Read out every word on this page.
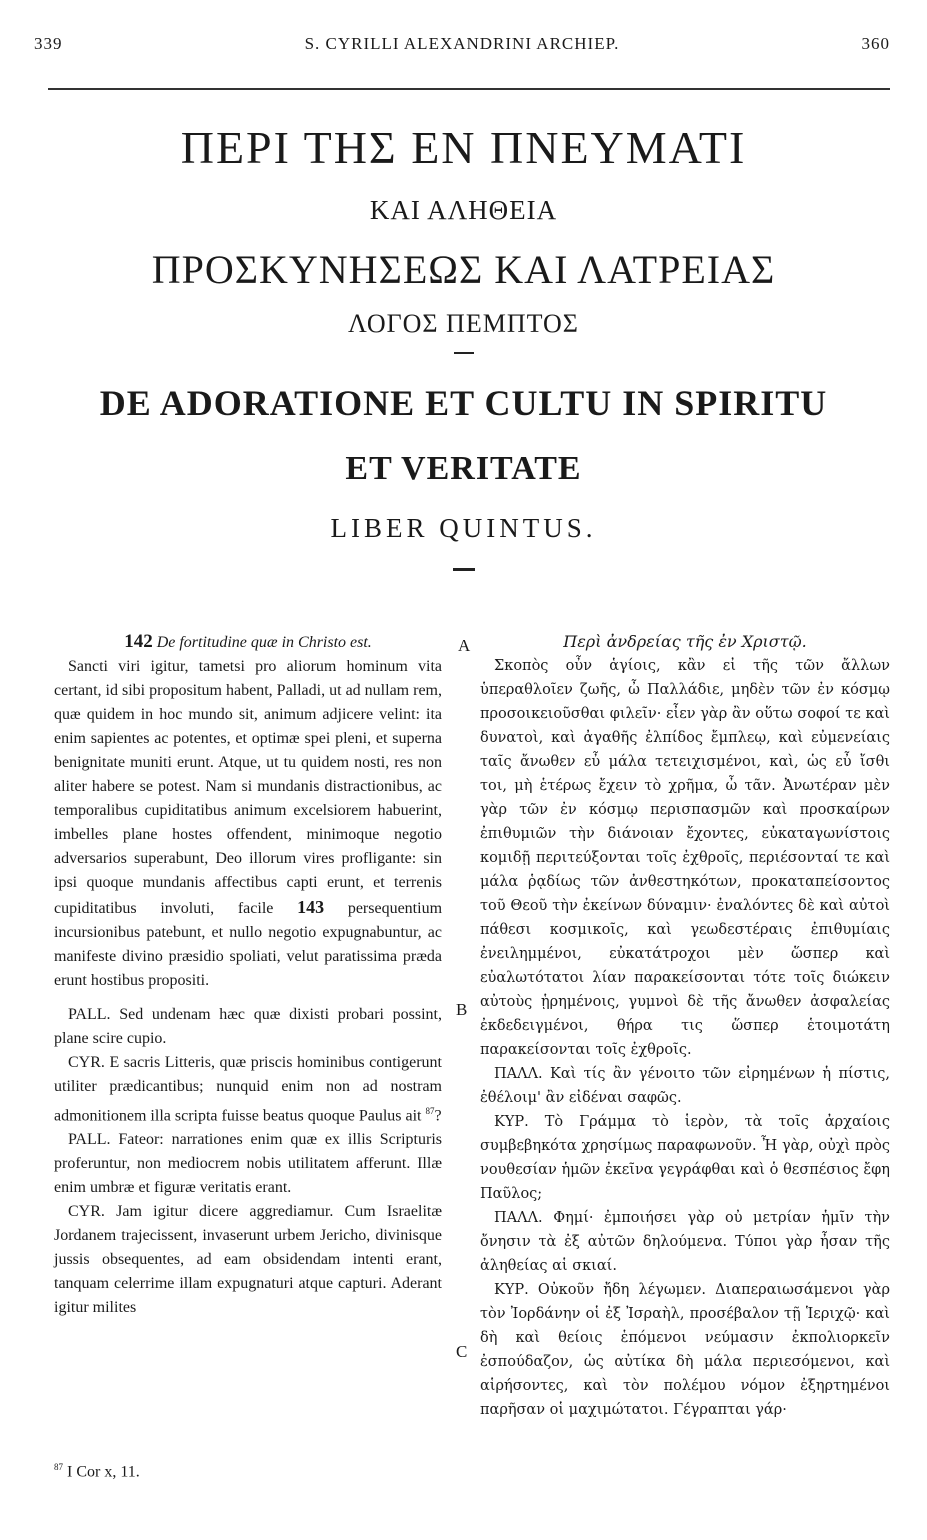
339	S. CYRILLI ALEXANDRINI ARCHIEP.	360
ΠΕΡΙ ΤΗΣ ΕΝ ΠΝΕΥΜΑΤΙ
ΚΑΙ ΑΛΗΘΕΙΑ
ΠΡΟΣΚΥΝΗΣΕΩΣ ΚΑΙ ΛΑΤΡΕΙΑΣ
ΛΟΓΟΣ ΠΕΜΠΤΟΣ
DE ADORATIONE ET CULTU IN SPIRITU
ET VERITATE
LIBER QUINTUS.
142 De fortitudine quæ in Christo est.

Sancti viri igitur, tametsi pro aliorum hominum vita certant, id sibi propositum habent, Palladi, ut ad nullam rem, quæ quidem in hoc mundo sit, animum adjicere velint: ita enim sapientes ac potentes, et optimæ spei pleni, et superna benignitate muniti erunt. Atque, ut tu quidem nosti, res non aliter habere se potest. Nam si mundanis distractionibus, ac temporalibus cupiditatibus animum excelsiorem habuerint, imbelles plane hostes offendent, minimoque negotio adversarios superabunt, Deo illorum vires profligante: sin ipsi quoque mundanis affectibus capti erunt, et terrenis cupiditatibus involuti, facile 143 persequentium incursionibus patebunt, et nullo negotio expugnabuntur, ac manifeste divino præsidio spoliati, velut paratissima præda erunt hostibus propositi.

PALL. Sed undenam hæc quæ dixisti probari possint, plane scire cupio.

CYR. E sacris Litteris, quæ priscis hominibus contigerunt utiliter prædicantibus; nunquid enim non ad nostram admonitionem illa scripta fuisse beatus quoque Paulus ait $^{87}$?

PALL. Fateor: narrationes enim quæ ex illis Scripturis proferuntur, non mediocrem nobis utilitatem afferunt. Illæ enim umbræ et figuræ veritatis erant.

CYR. Jam igitur dicere aggrediamur. Cum Israelitæ Jordanem trajecissent, invaserunt urbem Jericho, divinisque jussis obsequentes, ad eam obsidendam intenti erant, tanquam celerrime illam expugnaturi atque capturi. Aderant igitur milites

A
B
C
Περὶ ἀνδρείας τῆς ἐν Χριστῷ.

Σκοπὸς οὖν ἁγίοις, κἂν εἰ τῆς τῶν ἄλλων ὑπεραθλοῖεν ζωῆς, ὦ Παλλάδιε, μηδὲν τῶν ἐν κόσμῳ προσοικειοῦσθαι φιλεῖν· εἶεν γὰρ ἂν οὕτω σοφοί τε καὶ δυνατοὶ, καὶ ἀγαθῆς ἐλπίδος ἔμπλεῳ, καὶ εὐμενείαις ταῖς ἄνωθεν εὖ μάλα τετειχισμένοι, καὶ, ὡς εὖ ἴσθι τοι, μὴ ἑτέρως ἔχειν τὸ χρῆμα, ὦ τᾶν. Ἀνωτέραν μὲν γὰρ τῶν ἐν κόσμῳ περισπασμῶν καὶ προσκαίρων ἐπιθυμιῶν τὴν διάνοιαν ἔχοντες, εὐκαταγωνίστοις κομιδῇ περιτεύξονται τοῖς ἐχθροῖς, περιέσονταί τε καὶ μάλα ῥᾳδίως τῶν ἀνθεστηκότων, προκαταπείσοντος τοῦ Θεοῦ τὴν ἐκείνων δύναμιν· ἐναλόντες δὲ καὶ αὐτοὶ πάθεσι κοσμικοῖς, καὶ γεωδεστέραις ἐπιθυμίαις ἐνειλημμένοι, εὐκατάτροχοι μὲν ὥσπερ καὶ εὐαλωτότατοι λίαν παρακείσονται τότε τοῖς διώκειν αὐτοὺς ᾑρημένοις, γυμνοὶ δὲ τῆς ἄνωθεν ἀσφαλείας ἐκδεδειγμένοι, θήρα τις ὥσπερ ἑτοιμοτάτη παρακείσονται τοῖς ἐχθροῖς.

ΠΑΛΛ. Καὶ τίς ἂν γένοιτο τῶν εἰρημένων ἡ πίστις, ἐθέλοιμ' ἂν εἰδέναι σαφῶς.

ΚΥΡ. Τὸ Γράμμα τὸ ἱερὸν, τὰ τοῖς ἀρχαίοις συμβεβηκότα χρησίμως παραφωνοῦν. Ἦ γὰρ, οὐχὶ πρὸς νουθεσίαν ἡμῶν ἐκεῖνα γεγράφθαι καὶ ὁ θεσπέσιος ἔφη Παῦλος;

ΠΑΛΛ. Φημί· ἐμποιήσει γὰρ οὐ μετρίαν ἡμῖν τὴν ὄνησιν τὰ ἐξ αὐτῶν δηλούμενα. Τύποι γὰρ ἦσαν τῆς ἀληθείας αἱ σκιαί.

ΚΥΡ. Οὐκοῦν ἤδη λέγωμεν. Διαπεραιωσάμενοι γὰρ τὸν Ἰορδάνην οἱ ἐξ Ἰσραὴλ, προσέβαλον τῇ Ἱεριχῷ· καὶ δὴ καὶ θείοις ἑπόμενοι νεύμασιν ἐκπολιορκεῖν ἐσπούδαζον, ὡς αὐτίκα δὴ μάλα περιεσόμενοι, καὶ αἱρήσοντες, καὶ τὸν πολέμου νόμον ἐξηρτημένοι παρῆσαν οἱ μαχιμώτατοι. Γέγραπται γάρ·

$^{87}$ I Cor x, 11.
